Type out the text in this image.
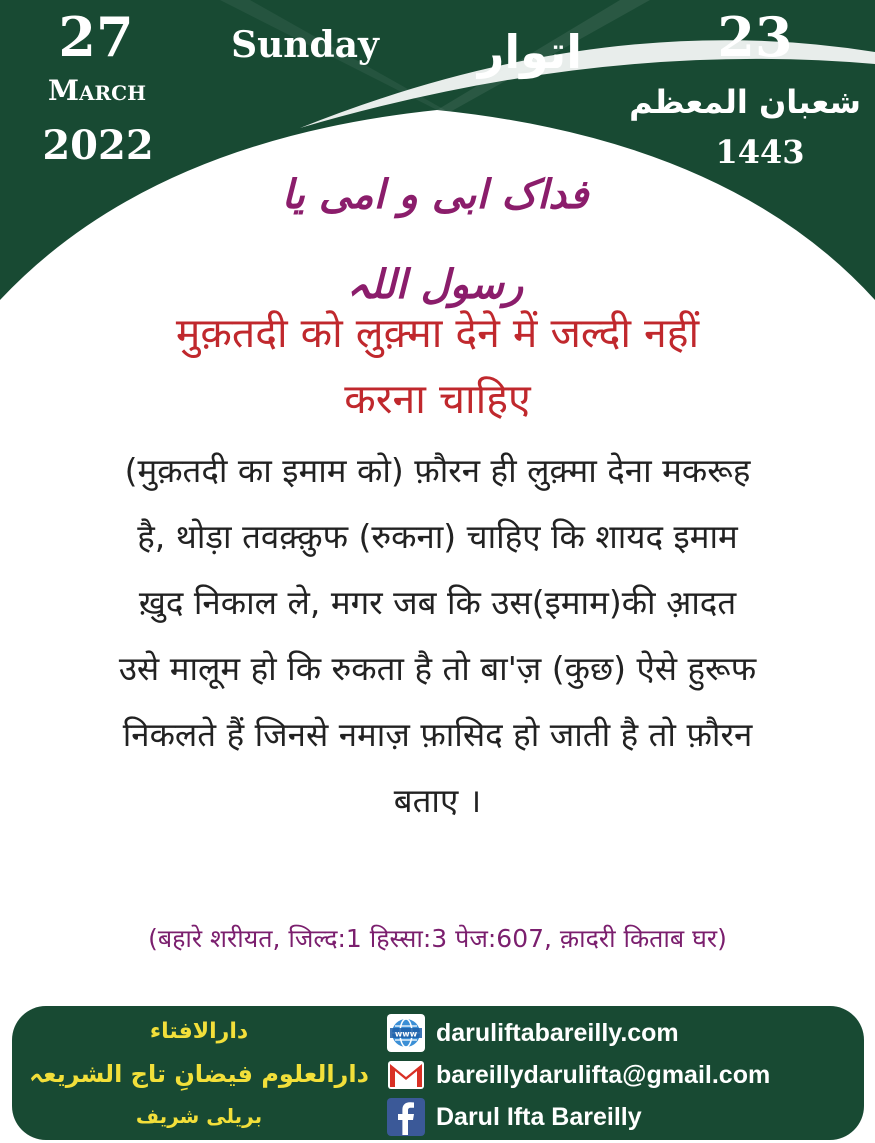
27
March
2022
Sunday	اتوار	23
شعبان المعظم
1443
فداک ابی و امی یا رسول اللہ
मुक़तदी को लुक़्मा देने में जल्दी नहीं
करना चाहिए
(मुक़तदी का इमाम को) फ़ौरन ही लुक़्मा देना मकरूह
है, थोड़ा तवक़्क़ुफ (रुकना) चाहिए कि शायद इमाम
ख़ुद निकाल ले, मगर जब कि उस(इमाम)की आ़दत
उसे मालूम हो कि रुकता है तो बा'ज़ (कुछ) ऐसे हुरूफ
निकलते हैं जिनसे नमाज़ फ़ासिद हो जाती है तो फ़ौरन
बताए ।
(बहारे शरीयत, जिल्द:1 हिस्सा:3 पेज:607, क़ादरी किताब घर)
دارالافتاء
دارالعلوم فیضانِ تاج الشریعہ
بریلی شریف
www daruliftabareilly.com
bareillydarulifta@gmail.com
Darul Ifta Bareilly
